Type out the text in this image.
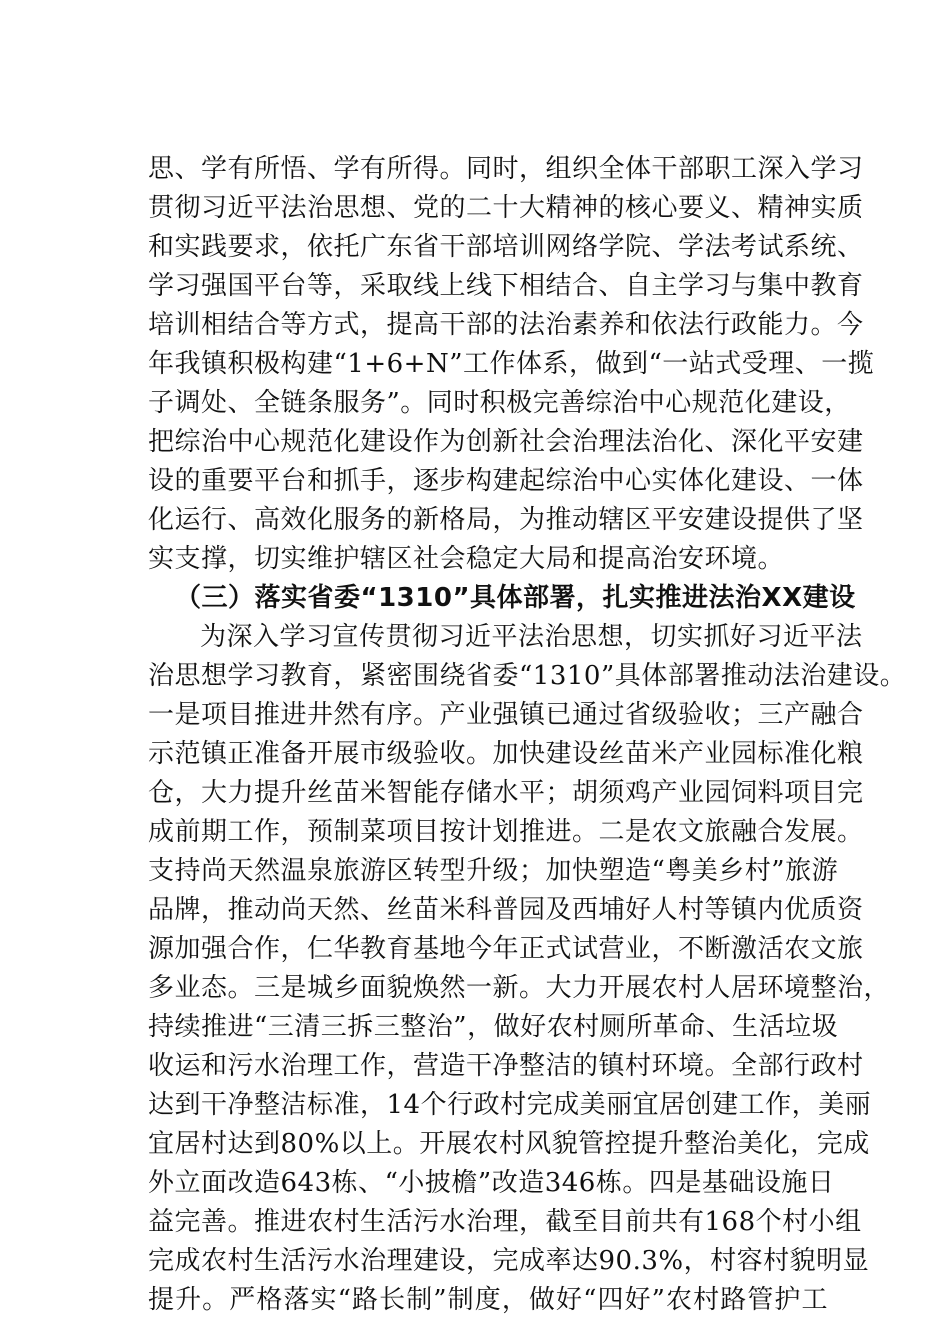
思、学有所悟、学有所得。同时，组织全体干部职工深入学习
贯彻习近平法治思想、党的二十大精神的核心要义、精神实质
和实践要求，依托广东省干部培训网络学院、学法考试系统、
学习强国平台等，采取线上线下相结合、自主学习与集中教育
培训相结合等方式，提高干部的法治素养和依法行政能力。今
年我镇积极构建“1+6+N”工作体系，做到“一站式受理、一揽
子调处、全链条服务”。同时积极完善综治中心规范化建设，
把综治中心规范化建设作为创新社会治理法治化、深化平安建
设的重要平台和抓手，逐步构建起综治中心实体化建设、一体
化运行、高效化服务的新格局，为推动辖区平安建设提供了坚
实支撑，切实维护辖区社会稳定大局和提高治安环境。
（三）落实省委“1310”具体部署，扎实推进法治XX建设
为深入学习宣传贯彻习近平法治思想，切实抓好习近平法
治思想学习教育，紧密围绕省委“1310”具体部署推动法治建设。
一是项目推进井然有序。产业强镇已通过省级验收；三产融合
示范镇正准备开展市级验收。加快建设丝苗米产业园标准化粮
仓，大力提升丝苗米智能存储水平；胡须鸡产业园饲料项目完
成前期工作，预制菜项目按计划推进。二是农文旅融合发展。
支持尚天然温泉旅游区转型升级；加快塑造“粤美乡村”旅游
品牌，推动尚天然、丝苗米科普园及西埔好人村等镇内优质资
源加强合作，仁华教育基地今年正式试营业，不断激活农文旅
多业态。三是城乡面貌焕然一新。大力开展农村人居环境整治，
持续推进“三清三拆三整治”，做好农村厕所革命、生活垃圾
收运和污水治理工作，营造干净整洁的镇村环境。全部行政村
达到干净整洁标准，14个行政村完成美丽宜居创建工作，美丽
宜居村达到80%以上。开展农村风貌管控提升整治美化，完成
外立面改造643栋、“小披檐”改造346栋。四是基础设施日
益完善。推进农村生活污水治理，截至目前共有168个村小组
完成农村生活污水治理建设，完成率达90.3%，村容村貌明显
提升。严格落实“路长制”制度，做好“四好”农村路管护工
